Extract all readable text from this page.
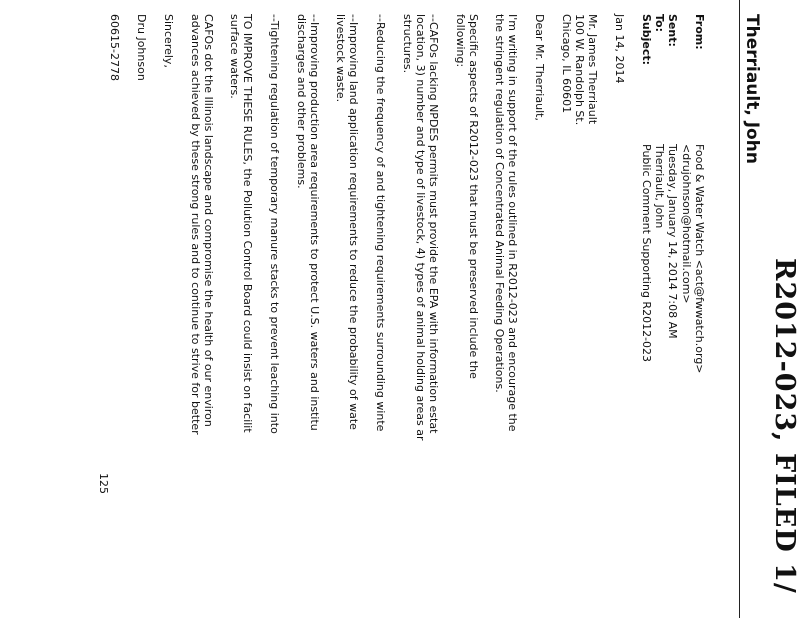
R2012-023, FILED 1/
Therriault, John
From:
Food & Water Watch <act@fwwatch.org>
<drujohnson@hotmail.com>
Sent:
Tuesday, January 14, 2014 7:08 AM
To:
Therriault, John
Subject:
Public Comment Supporting R2012-023
Jan 14, 2014
Mr. James Therriault
100 W. Randolph St.
Chicago, IL 60601
Dear Mr. Therriault,
I'm writing in support of the rules outlined in R2012-023 and encourage the
the stringent regulation of Concentrated Animal Feeding Operations.
Specific aspects of R2012-023 that must be preserved include the
following:
--CAFOs lacking NPDES permits must provide the EPA with information estat
location, 3) number and type of livestock, 4) types of animal holding areas ar
structures.
--Reducing the frequency of and tightening requirements surrounding winte
--Improving land application requirements to reduce the probability of wate
livestock waste.
--Improving production area requirements to protect U.S. waters and institu
discharges and other problems.
--Tightening regulation of temporary manure stacks to prevent leaching into
TO IMPROVE THESE RULES, the Pollution Control Board could insist on facilit
surface waters.
CAFOs dot the Illinois landscape and compromise the health of our environ
advances achieved by these strong rules and to continue to strive for better
Sincerely,
Dru Johnson
60615-2778
125
